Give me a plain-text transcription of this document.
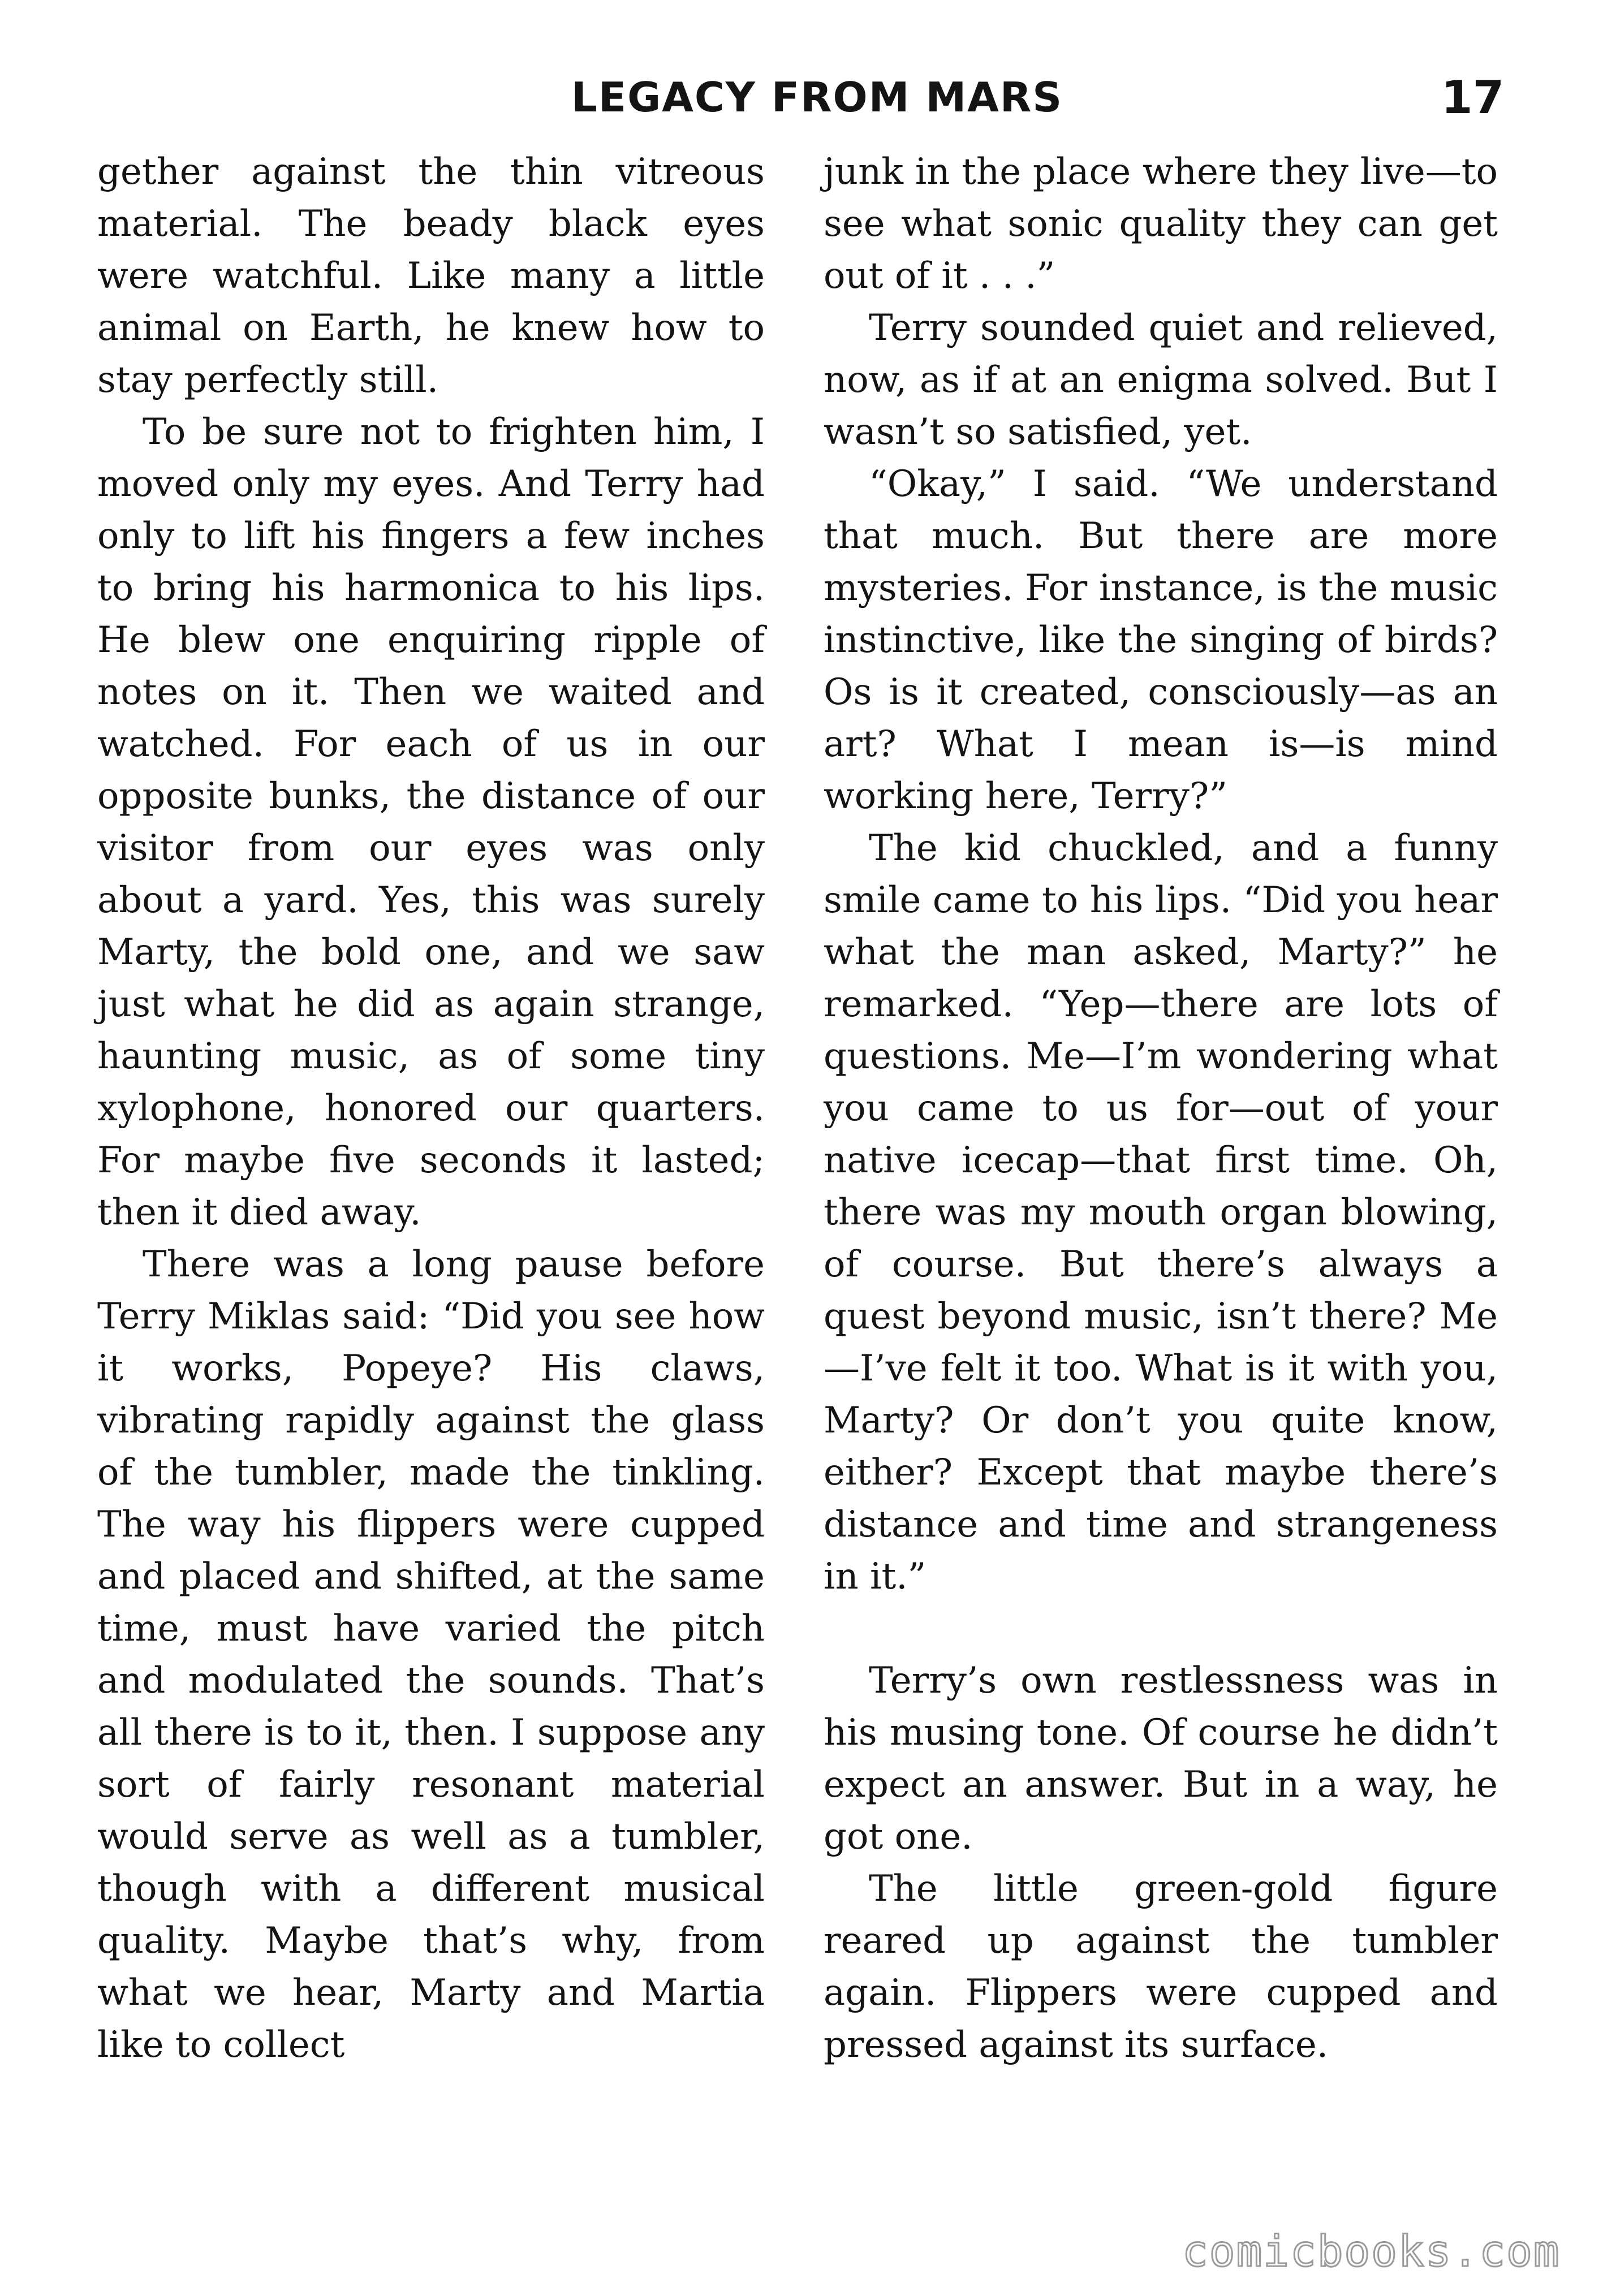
LEGACY FROM MARS	17

gether against the thin vitreous material. The beady black eyes were watchful. Like many a little animal on Earth, he knew how to stay perfectly still.

To be sure not to frighten him, I moved only my eyes. And Terry had only to lift his fingers a few inches to bring his harmonica to his lips. He blew one enquiring ripple of notes on it. Then we waited and watched. For each of us in our opposite bunks, the distance of our visitor from our eyes was only about a yard. Yes, this was surely Marty, the bold one, and we saw just what he did as again strange, haunting music, as of some tiny xylophone, honored our quarters. For maybe five seconds it lasted; then it died away.

There was a long pause before Terry Miklas said: “Did you see how it works, Popeye? His claws, vibrating rapidly against the glass of the tumbler, made the tinkling. The way his flippers were cupped and placed and shifted, at the same time, must have varied the pitch and modulated the sounds. That’s all there is to it, then. I suppose any sort of fairly resonant material would serve as well as a tumbler, though with a different musical quality. Maybe that’s why, from what we hear, Marty and Martia like to collect

junk in the place where they live—to see what sonic quality they can get out of it . . .”

Terry sounded quiet and relieved, now, as if at an enigma solved. But I wasn’t so satisfied, yet.

“Okay,” I said. “We understand that much. But there are more mysteries. For instance, is the music instinctive, like the singing of birds? Os is it created, consciously—as an art? What I mean is—is mind working here, Terry?”

The kid chuckled, and a funny smile came to his lips. “Did you hear what the man asked, Marty?” he remarked. “Yep—there are lots of questions. Me—I’m wondering what you came to us for—out of your native icecap—that first time. Oh, there was my mouth organ blowing, of course. But there’s always a quest beyond music, isn’t there? Me—I’ve felt it too. What is it with you, Marty? Or don’t you quite know, either? Except that maybe there’s distance and time and strangeness in it.”

Terry’s own restlessness was in his musing tone. Of course he didn’t expect an answer. But in a way, he got one.

The little green-gold figure reared up against the tumbler again. Flippers were cupped and pressed against its surface.

comicbooks.com
